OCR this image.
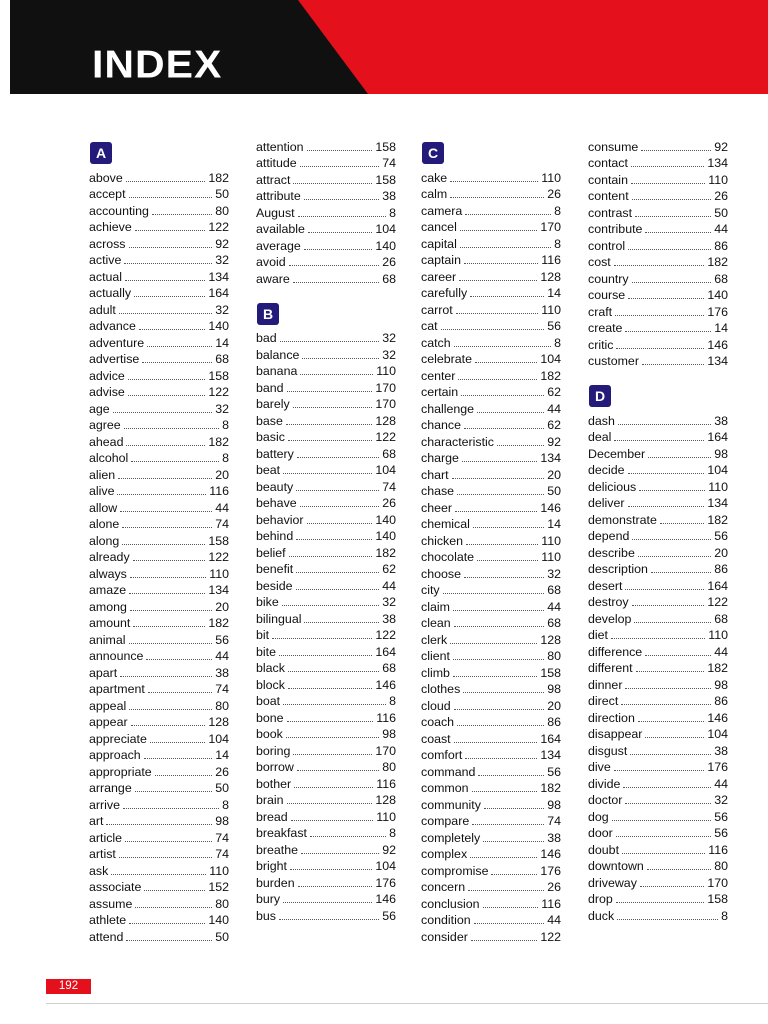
INDEX
A
above	182
accept	50
accounting	80
achieve	122
across	92
active	32
actual	134
actually	164
adult	32
advance	140
adventure	14
advertise	68
advice	158
advise	122
age	32
agree	8
ahead	182
alcohol	8
alien	20
alive	116
allow	44
alone	74
along	158
already	122
always	110
amaze	134
among	20
amount	182
animal	56
announce	44
apart	38
apartment	74
appeal	80
appear	128
appreciate	104
approach	14
appropriate	26
arrange	50
arrive	8
art	98
article	74
artist	74
ask	110
associate	152
assume	80
athlete	140
attend	50
attention	158
attitude	74
attract	158
attribute	38
August	8
available	104
average	140
avoid	26
aware	68
B
bad	32
balance	32
banana	110
band	170
barely	170
base	128
basic	122
battery	68
beat	104
beauty	74
behave	26
behavior	140
behind	140
belief	182
benefit	62
beside	44
bike	32
bilingual	38
bit	122
bite	164
black	68
block	146
boat	8
bone	116
book	98
boring	170
borrow	80
bother	116
brain	128
bread	110
breakfast	8
breathe	92
bright	104
burden	176
bury	146
bus	56
C
cake	110
calm	26
camera	8
cancel	170
capital	8
captain	116
career	128
carefully	14
carrot	110
cat	56
catch	8
celebrate	104
center	182
certain	62
challenge	44
chance	62
characteristic	92
charge	134
chart	20
chase	50
cheer	146
chemical	14
chicken	110
chocolate	110
choose	32
city	68
claim	44
clean	68
clerk	128
client	80
climb	158
clothes	98
cloud	20
coach	86
coast	164
comfort	134
command	56
common	182
community	98
compare	74
completely	38
complex	146
compromise	176
concern	26
conclusion	116
condition	44
consider	122
consume	92
contact	134
contain	110
content	26
contrast	50
contribute	44
control	86
cost	182
country	68
course	140
craft	176
create	14
critic	146
customer	134
D
dash	38
deal	164
December	98
decide	104
delicious	110
deliver	134
demonstrate	182
depend	56
describe	20
description	86
desert	164
destroy	122
develop	68
diet	110
difference	44
different	182
dinner	98
direct	86
direction	146
disappear	104
disgust	38
dive	176
divide	44
doctor	32
dog	56
door	56
doubt	116
downtown	80
driveway	170
drop	158
duck	8
192
